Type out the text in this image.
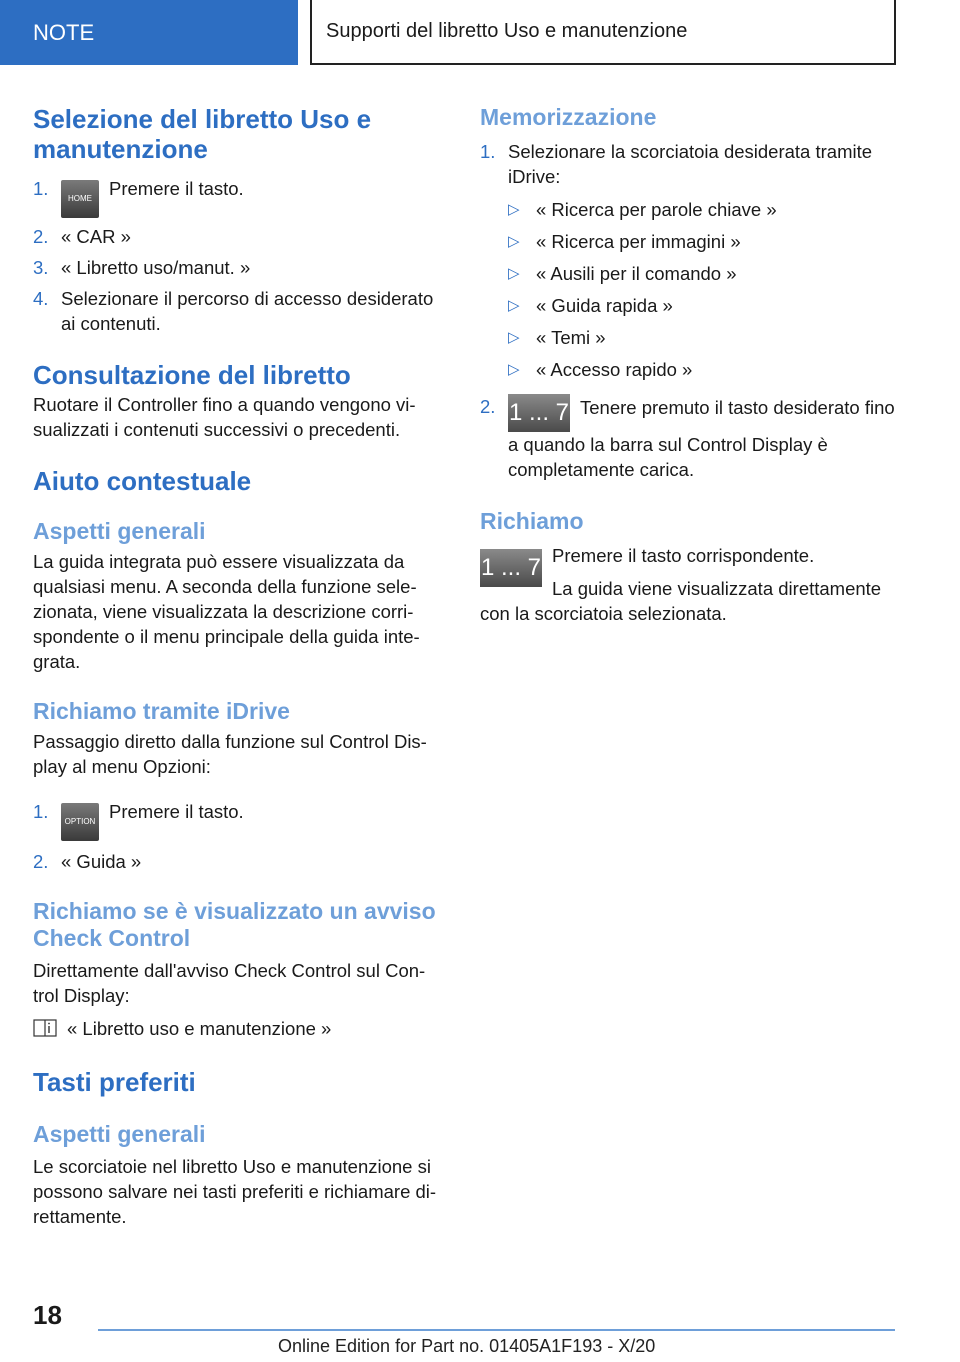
NOTE	Supporti del libretto Uso e manutenzione
Selezione del libretto Uso e manutenzione
1. HOME Premere il tasto.
2. « CAR »
3. « Libretto uso/manut. »
4. Selezionare il percorso di accesso desiderato ai contenuti.
Consultazione del libretto

Ruotare il Controller fino a quando vengono vi-sualizzati i contenuti successivi o precedenti.

Aiuto contestuale
Aspetti generali

La guida integrata può essere visualizzata da qualsiasi menu. A seconda della funzione sele-zionata, viene visualizzata la descrizione corri-spondente o il menu principale della guida inte-grata.

Richiamo tramite iDrive

Passaggio diretto dalla funzione sul Control Dis-play al menu Opzioni:

1. OPTION Premere il tasto.
2. « Guida »
Richiamo se è visualizzato un avviso Check Control

Direttamente dall'avviso Check Control sul Con-trol Display:

« Libretto uso e manutenzione »

Tasti preferiti
Aspetti generali

Le scorciatoie nel libretto Uso e manutenzione si possono salvare nei tasti preferiti e richiamare di-rettamente.

Memorizzazione
1. Selezionare la scorciatoia desiderata tramite iDrive:
▷ « Ricerca per parole chiave »
▷ « Ricerca per immagini »
▷ « Ausili per il comando »
▷ « Guida rapida »
▷ « Temi »
▷ « Accesso rapido »
2. 1 ... 7 Tenere premuto il tasto desiderato fino a quando la barra sul Control Display è completamente carica.
Richiamo
1 ... 7 Premere il tasto corrispondente.

La guida viene visualizzata direttamente con la scorciatoia selezionata.

18
Online Edition for Part no. 01405A1F193 - X/20
